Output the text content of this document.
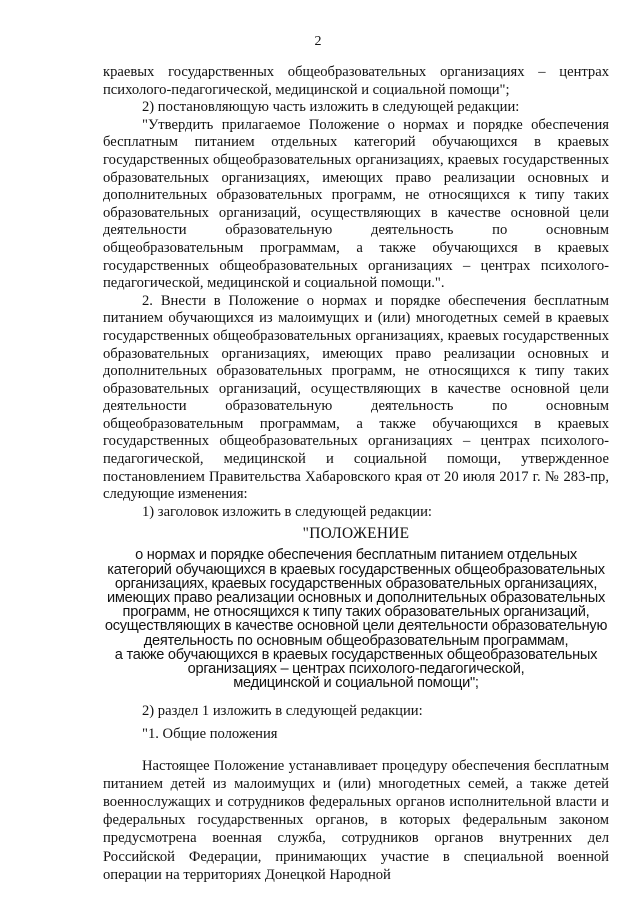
2

краевых государственных общеобразовательных организациях – центрах психолого-педагогической, медицинской и социальной помощи";

2) постановляющую часть изложить в следующей редакции:

"Утвердить прилагаемое Положение о нормах и порядке обеспечения бесплатным питанием отдельных категорий обучающихся в краевых государственных общеобразовательных организациях, краевых государственных образовательных организациях, имеющих право реализации основных и дополнительных образовательных программ, не относящихся к типу таких образовательных организаций, осуществляющих в качестве основной цели деятельности образовательную деятельность по основным общеобразовательным программам, а также обучающихся в краевых государственных общеобразовательных организациях – центрах психолого-педагогической, медицинской и социальной помощи.".

2. Внести в Положение о нормах и порядке обеспечения бесплатным питанием обучающихся из малоимущих и (или) многодетных семей в краевых государственных общеобразовательных организациях, краевых государственных образовательных организациях, имеющих право реализации основных и дополнительных образовательных программ, не относящихся к типу таких образовательных организаций, осуществляющих в качестве основной цели деятельности образовательную деятельность по основным общеобразовательным программам, а также обучающихся в краевых государственных общеобразовательных организациях – центрах психолого-педагогической, медицинской и социальной помощи, утвержденное постановлением Правительства Хабаровского края от 20 июля 2017 г. № 283-пр, следующие изменения:

1) заголовок изложить в следующей редакции:

"ПОЛОЖЕНИЕ

о нормах и порядке обеспечения бесплатным питанием отдельных
категорий обучающихся в краевых государственных общеобразовательных
организациях, краевых государственных образовательных организациях,
имеющих право реализации основных и дополнительных образовательных
программ, не относящихся к типу таких образовательных организаций,
осуществляющих в качестве основной цели деятельности образовательную
деятельность по основным общеобразовательным программам,
а также обучающихся в краевых государственных общеобразовательных
организациях – центрах психолого-педагогической,
медицинской и социальной помощи";

2) раздел 1 изложить в следующей редакции:

"1. Общие положения

Настоящее Положение устанавливает процедуру обеспечения бесплатным питанием детей из малоимущих и (или) многодетных семей, а также детей военнослужащих и сотрудников федеральных органов исполнительной власти и федеральных государственных органов, в которых федеральным законом предусмотрена военная служба, сотрудников органов внутренних дел Российской Федерации, принимающих участие в специальной военной операции на территориях Донецкой Народной
